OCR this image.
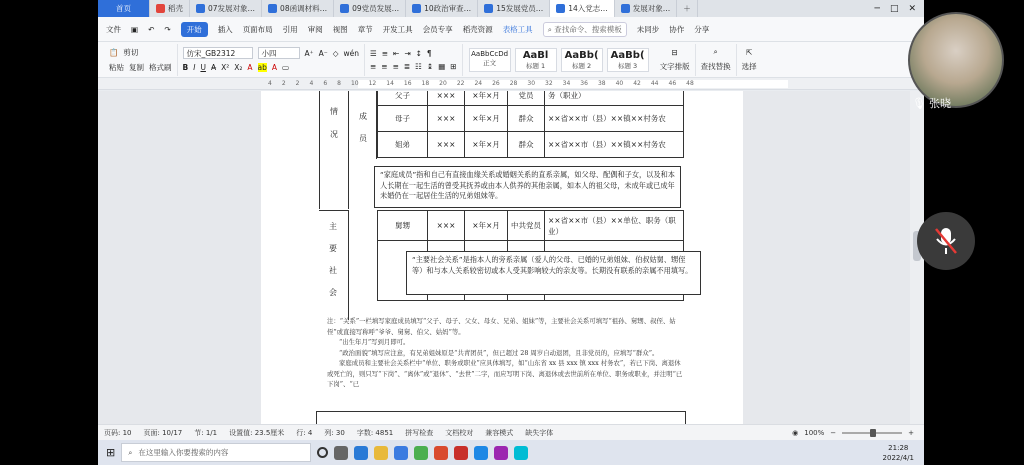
首页	稻壳	07发展对象…	08函调材料…	09党员发展…	10政治审查…	15发展党员…	14入党志…	发展对象…	＋	─ □ ✕
文件 ▣ ↶ ↷	开始	插入 页面布局 引用 审阅 视图 章节 开发工具 会员专享 稻壳资源 表格工具	⌕ 查找命令、搜索模板	未同步 协作 分享
📋 剪切
粘贴 复制 格式刷
仿宋_GB2312	小四	A⁺ A⁻ ◇ wén
B I U A̶ X² X₂ A ab A ▭
☰ ≡ ⇤ ⇥ ↕ ¶
≡ ≡ ≡ ≣ ☷ ↨ ▦ ⊞
AaBbCcDd
正文
AaBl
标题 1
AaBb(
标题 2
AaBb(
标题 3
⊟
文字排版
⌕
查找替换
⇱
选择
4 2 2 4 6 8 10 12 14 16 18 20 22 24 26 28 30 32 34 36 38 40 42 44 46 48
情
况
成
员
父子	×××	×年×月	党员	务（职业）
母子	×××	×年×月	群众	××省××市（县）××镇××村务农
姐弟	×××	×年×月	群众	××省××市（县）××镇××村务农
“家庭成员”指和自己有直接血缘关系或婚姻关系的直系亲属，如父母、配偶和子女，以及和本人长期在一起生活的曾受其抚养或由本人供养的其他亲属，如本人的祖父母，未成年或已成年未婚仍在一起居住生活的兄弟姐妹等。
主
要
社
会
舅甥	×××	×年×月	中共党员	××省××市（县）××单位、职务（职业）

“主要社会关系”是指本人的旁系亲属（爱人的父母、已婚的兄弟姐妹、伯叔姑舅、甥侄等）和与本人关系较密切或本人受其影响较大的亲友等。长期没有联系的亲属不用填写。

注：“关系”一栏填写家庭成员填写“父子、母子、父女、母女、兄弟、姐妹”等，主要社会关系可填写“祖孙、舅甥、叔侄、姑侄”或直接写称呼“爷爷、舅舅、伯父、姑妈”等。

“出生年月”写到月即可。

“政治面貌”填写应注意，有兄弟姐妹原是“共青团员”，但已超过 28 周岁自动退团，且非党员的，应填写“群众”。

家庭成员和主要社会关系栏中“单位、职务或职业”应具体填写，如“山东省 xx 县 xxx 镇 xxx 村务农”，若已下岗、离退休或死亡的，则只写“下岗”、“离休”或“退休”、“去世”二字，而应写明下岗、离退休或去世前所在单位、职务或职业，并注明“已下岗”、“已

页码: 10 页面: 10/17 节: 1/1 设置值: 23.5厘米 行: 4 列: 30 字数: 4851 拼写检查 文档校对 兼容模式 缺失字体	◉ 100% −	+
⊞ ⌕ 在这里输入你要搜索的内容
21:28
2022/4/1
🎙 张晓
